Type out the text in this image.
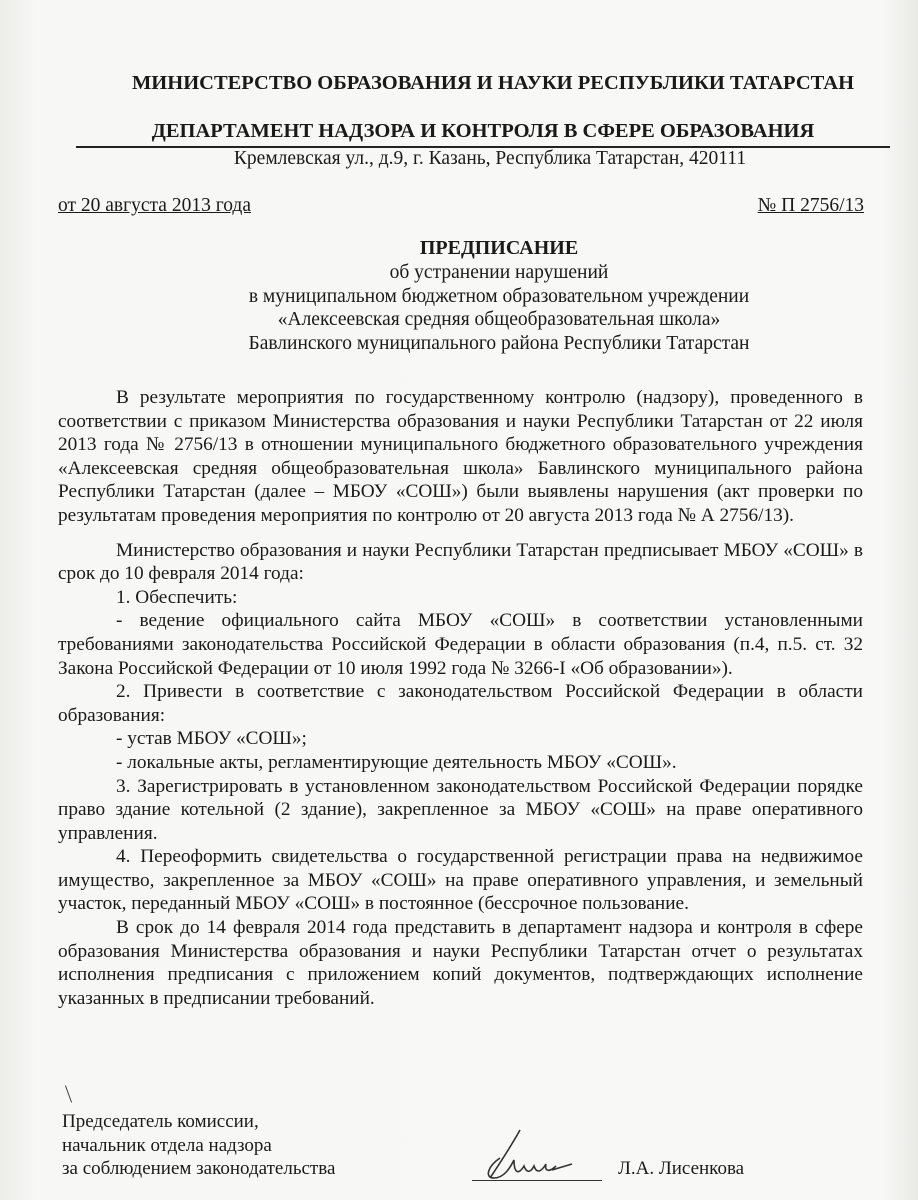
МИНИСТЕРСТВО ОБРАЗОВАНИЯ И НАУКИ РЕСПУБЛИКИ ТАТАРСТАН
ДЕПАРТАМЕНТ НАДЗОРА И КОНТРОЛЯ В СФЕРЕ ОБРАЗОВАНИЯ
Кремлевская ул., д.9, г. Казань, Республика Татарстан, 420111
от 20 августа 2013 года	№ П 2756/13
ПРЕДПИСАНИЕ
об устранении нарушений
в муниципальном бюджетном образовательном учреждении
«Алексеевская средняя общеобразовательная школа»
Бавлинского муниципального района Республики Татарстан

В результате мероприятия по государственному контролю (надзору), проведенного в соответствии с приказом Министерства образования и науки Республики Татарстан от 22 июля 2013 года № 2756/13 в отношении муниципального бюджетного образовательного учреждения «Алексеевская средняя общеобразовательная школа» Бавлинского муниципального района Республики Татарстан (далее – МБОУ «СОШ») были выявлены нарушения (акт проверки по результатам проведения мероприятия по контролю от 20 августа 2013 года № А 2756/13).

Министерство образования и науки Республики Татарстан предписывает МБОУ «СОШ» в срок до 10 февраля 2014 года:

1. Обеспечить:

- ведение официального сайта МБОУ «СОШ» в соответствии установленными требованиями законодательства Российской Федерации в области образования (п.4, п.5. ст. 32 Закона Российской Федерации от 10 июля 1992 года № 3266-I «Об образовании»).

2. Привести в соответствие с законодательством Российской Федерации в области образования:

- устав МБОУ «СОШ»;

- локальные акты, регламентирующие деятельность МБОУ «СОШ».

3. Зарегистрировать в установленном законодательством Российской Федерации порядке право здание котельной (2 здание), закрепленное за МБОУ «СОШ» на праве оперативного управления.

4. Переоформить свидетельства о государственной регистрации права на недвижимое имущество, закрепленное за МБОУ «СОШ» на праве оперативного управления, и земельный участок, переданный МБОУ «СОШ» в постоянное (бессрочное пользование.

В срок до 14 февраля 2014 года представить в департамент надзора и контроля в сфере образования Министерства образования и науки Республики Татарстан отчет о результатах исполнения предписания с приложением копий документов, подтверждающих исполнение указанных в предписании требований.

Председатель комиссии,
начальник отдела надзора
за соблюдением законодательства	Л.А. Лисенкова
